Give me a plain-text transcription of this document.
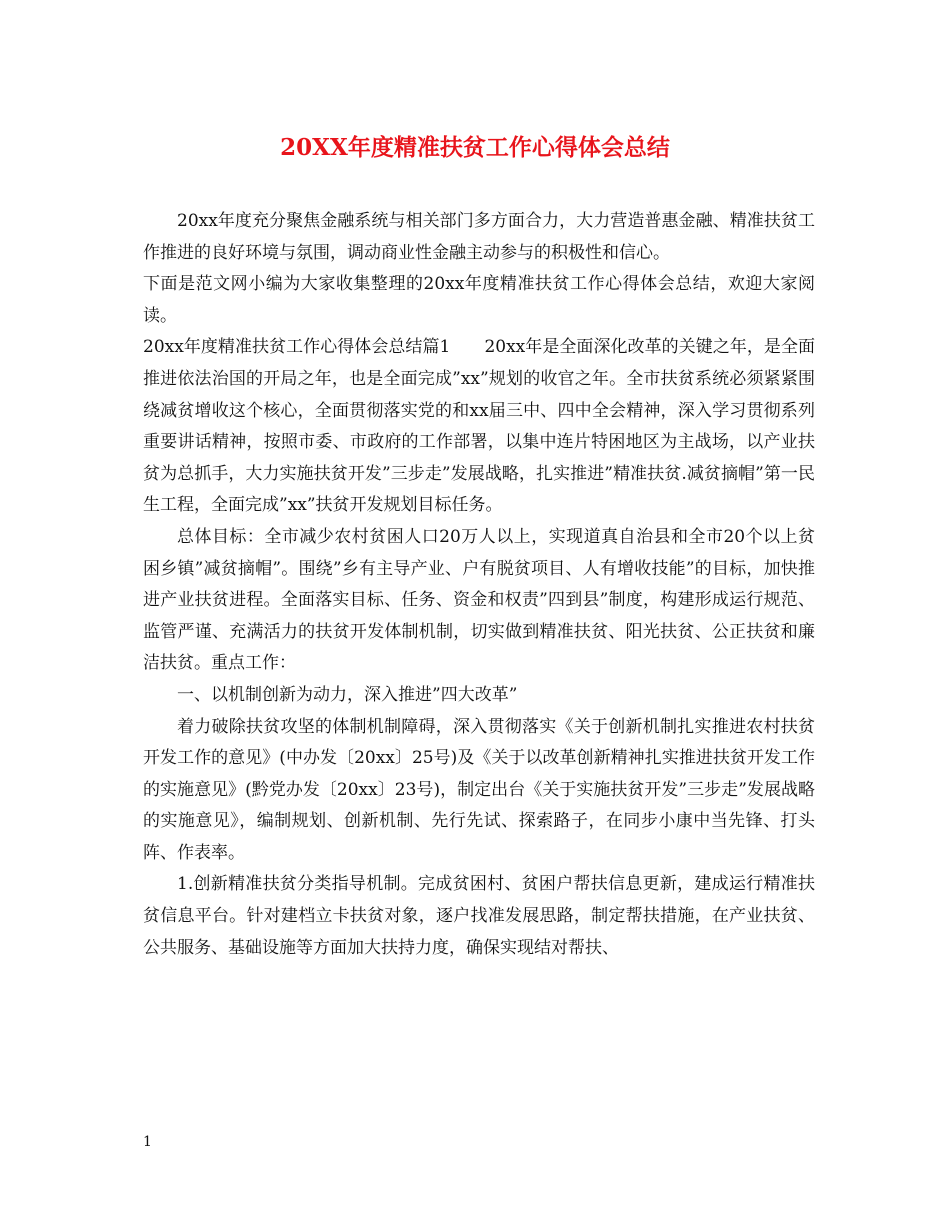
20XX年度精准扶贫工作心得体会总结

20xx年度充分聚焦金融系统与相关部门多方面合力，大力营造普惠金融、精准扶贫工作推进的良好环境与氛围，调动商业性金融主动参与的积极性和信心。

下面是范文网小编为大家收集整理的20xx年度精准扶贫工作心得体会总结，欢迎大家阅读。

20xx年度精准扶贫工作心得体会总结篇1　　20xx年是全面深化改革的关键之年，是全面推进依法治国的开局之年，也是全面完成”xx”规划的收官之年。全市扶贫系统必须紧紧围绕减贫增收这个核心，全面贯彻落实党的和xx届三中、四中全会精神，深入学习贯彻系列重要讲话精神，按照市委、市政府的工作部署，以集中连片特困地区为主战场，以产业扶贫为总抓手，大力实施扶贫开发”三步走”发展战略，扎实推进”精准扶贫.减贫摘帽”第一民生工程，全面完成”xx”扶贫开发规划目标任务。

总体目标：全市减少农村贫困人口20万人以上，实现道真自治县和全市20个以上贫困乡镇”减贫摘帽”。围绕”乡有主导产业、户有脱贫项目、人有增收技能”的目标，加快推进产业扶贫进程。全面落实目标、任务、资金和权责”四到县”制度，构建形成运行规范、监管严谨、充满活力的扶贫开发体制机制，切实做到精准扶贫、阳光扶贫、公正扶贫和廉洁扶贫。重点工作：

一、以机制创新为动力，深入推进”四大改革”

着力破除扶贫攻坚的体制机制障碍，深入贯彻落实《关于创新机制扎实推进农村扶贫开发工作的意见》(中办发〔20xx〕25号)及《关于以改革创新精神扎实推进扶贫开发工作的实施意见》(黔党办发〔20xx〕23号)，制定出台《关于实施扶贫开发”三步走”发展战略的实施意见》，编制规划、创新机制、先行先试、探索路子，在同步小康中当先锋、打头阵、作表率。

1.创新精准扶贫分类指导机制。完成贫困村、贫困户帮扶信息更新，建成运行精准扶贫信息平台。针对建档立卡扶贫对象，逐户找准发展思路，制定帮扶措施，在产业扶贫、公共服务、基础设施等方面加大扶持力度，确保实现结对帮扶、

1
